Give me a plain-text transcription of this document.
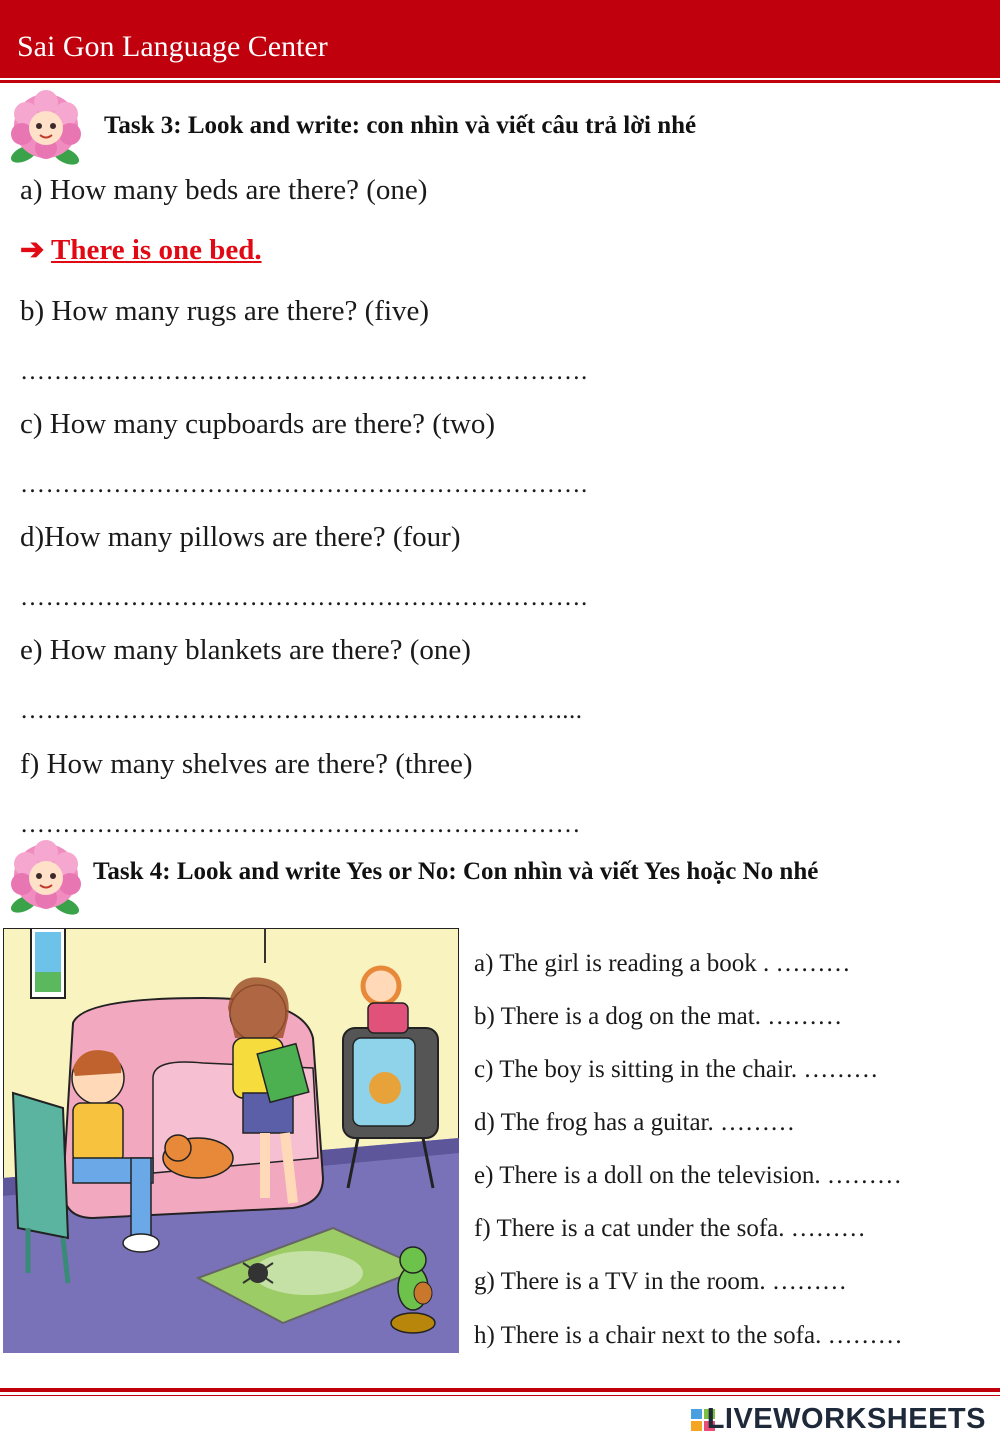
Sai Gon Language Center
Task 3: Look and write: con nhìn và viết câu trả lời nhé
a) How many beds are there? (one)
➔ There is one bed.
b) How many rugs are there? (five)
………………………………………………………….
c) How many cupboards are there? (two)
………………………………………………………….
d)How many pillows are there? (four)
………………………………………………………….
e) How many blankets are there? (one)
………………………………………………………....
f) How many shelves are there? (three)
…………………………………………………………
Task 4: Look and write Yes or No: Con nhìn và viết Yes hoặc No nhé
a) The girl is reading a book . ………
b) There is a dog on the mat. ………
c) The boy is sitting in the chair. ………
d) The frog has a guitar. ………
e) There is a doll on the television. ………
f) There is a cat under the sofa. ………
g) There is a TV in the room. ………
h) There is a chair next to the sofa. ………
LIVEWORKSHEETS
